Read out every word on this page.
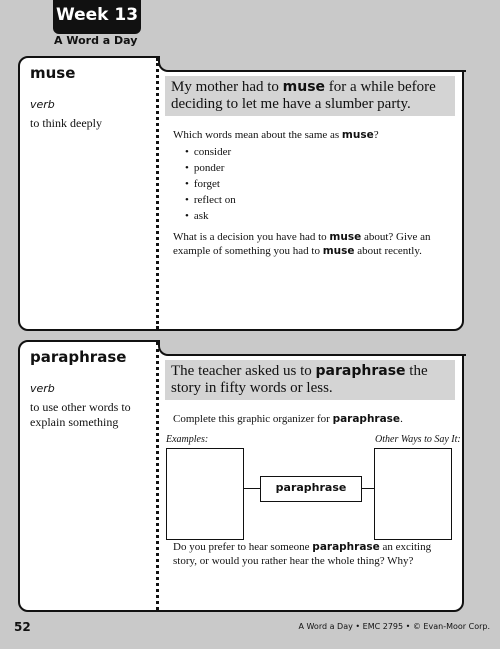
Week 13
A Word a Day
muse
verb
to think deeply
My mother had to muse for a while before deciding to let me have a slumber party.
Which words mean about the same as muse?
• consider
• ponder
• forget
• reflect on
• ask
What is a decision you have had to muse about? Give an example of something you had to muse about recently.
paraphrase
verb
to use other words to explain something
The teacher asked us to paraphrase the story in fifty words or less.
Complete this graphic organizer for paraphrase.
Examples:	Other Ways to Say It:
paraphrase
Do you prefer to hear someone paraphrase an exciting story, or would you rather hear the whole thing? Why?
52	A Word a Day • EMC 2795 • © Evan-Moor Corp.
